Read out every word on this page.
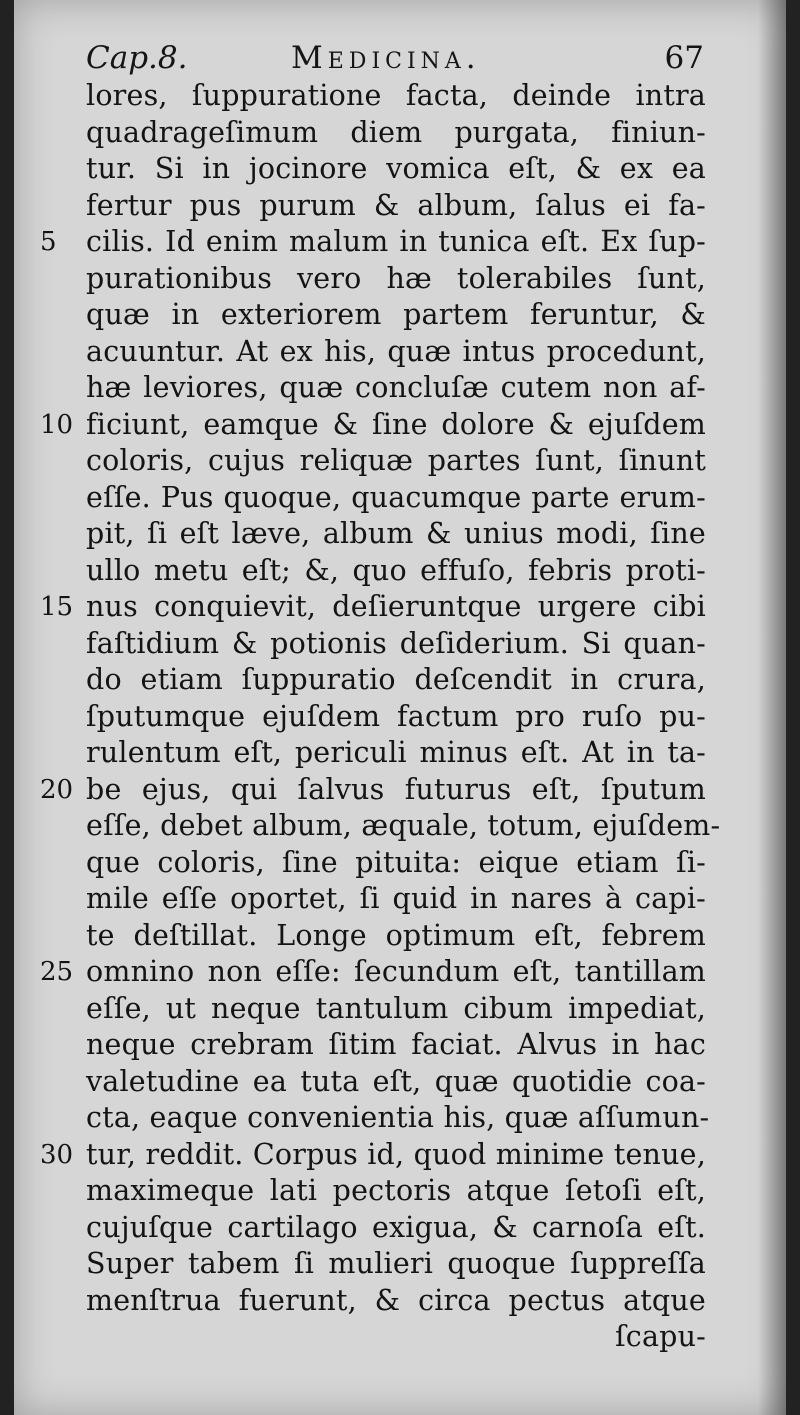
Cap.8.	Medicina.	67
5
10
15
20
25
30
lores, ſuppuratione facta, deinde intra
quadrageſimum diem purgata, finiun-
tur. Si in jocinore vomica eſt, & ex ea
fertur pus purum & album, ſalus ei fa-
cilis. Id enim malum in tunica eſt. Ex ſup-
purationibus vero hæ tolerabiles ſunt,
quæ in exteriorem partem feruntur, &
acuuntur. At ex his, quæ intus procedunt,
hæ leviores, quæ concluſæ cutem non af-
ficiunt, eamque & ſine dolore & ejuſdem
coloris, cujus reliquæ partes ſunt, ſinunt
eſſe. Pus quoque, quacumque parte erum-
pit, ſi eſt læve, album & unius modi, ſine
ullo metu eſt; &, quo effuſo, febris proti-
nus conquievit, deſieruntque urgere cibi
faſtidium & potionis deſiderium. Si quan-
do etiam ſuppuratio deſcendit in crura,
ſputumque ejuſdem factum pro ruſo pu-
rulentum eſt, periculi minus eſt. At in ta-
be ejus, qui ſalvus futurus eſt, ſputum
eſſe, debet album, æquale, totum, ejuſdem-
que coloris, ſine pituita: eique etiam ſi-
mile eſſe oportet, ſi quid in nares à capi-
te deſtillat. Longe optimum eſt, febrem
omnino non eſſe: ſecundum eſt, tantillam
eſſe, ut neque tantulum cibum impediat,
neque crebram ſitim faciat. Alvus in hac
valetudine ea tuta eſt, quæ quotidie coa-
cta, eaque convenientia his, quæ aſſumun-
tur, reddit. Corpus id, quod minime tenue,
maximeque lati pectoris atque ſetoſi eſt,
cujuſque cartilago exigua, & carnoſa eſt.
Super tabem ſi mulieri quoque ſuppreſſa
menſtrua fuerunt, & circa pectus atque
ſcapu-
